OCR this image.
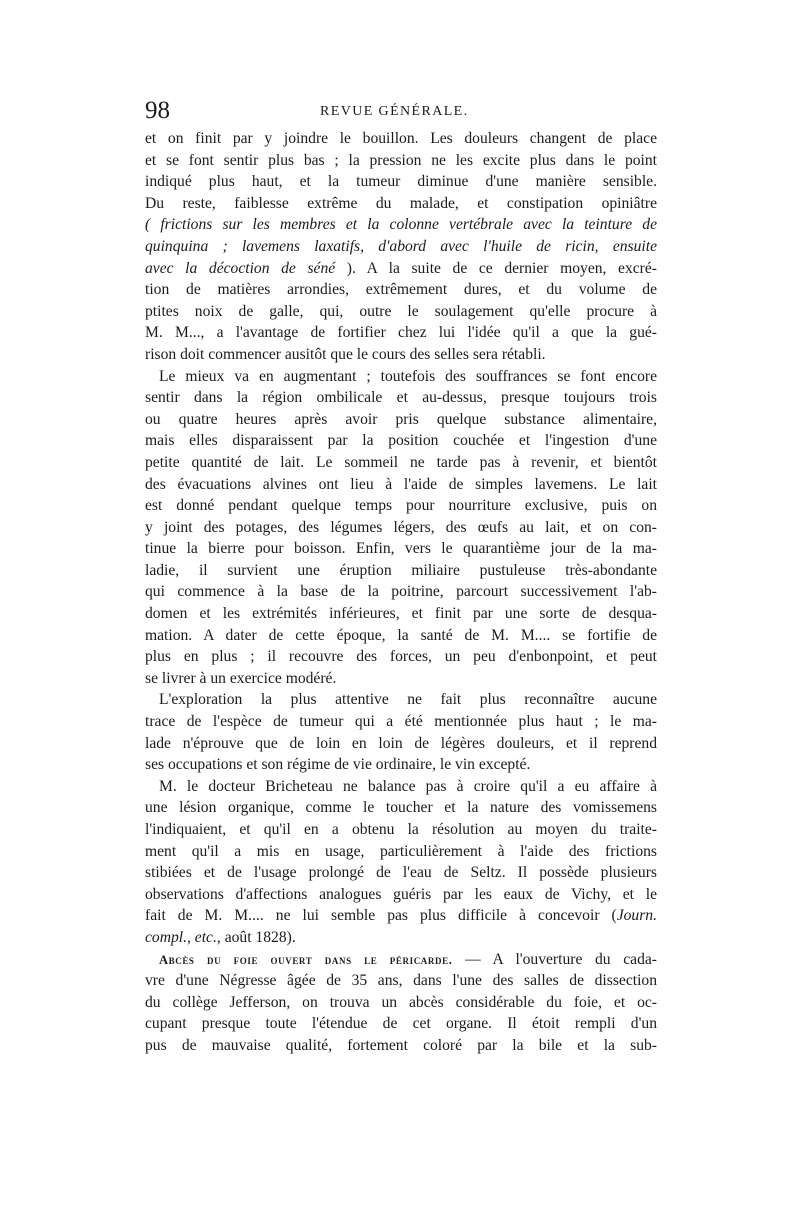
98	REVUE GÉNÉRALE.
et on finit par y joindre le bouillon. Les douleurs changent de place
et se font sentir plus bas ; la pression ne les excite plus dans le point
indiqué plus haut, et la tumeur diminue d'une manière sensible.
Du reste, faiblesse extrême du malade, et constipation opiniâtre
( frictions sur les membres et la colonne vertébrale avec la teinture de
quinquina ; lavemens laxatifs, d'abord avec l'huile de ricin, ensuite
avec la décoction de séné ). A la suite de ce dernier moyen, excré-
tion de matières arrondies, extrêmement dures, et du volume de
ptites noix de galle, qui, outre le soulagement qu'elle procure à
M. M..., a l'avantage de fortifier chez lui l'idée qu'il a que la gué-
rison doit commencer ausitôt que le cours des selles sera rétabli.
Le mieux va en augmentant ; toutefois des souffrances se font encore
sentir dans la région ombilicale et au-dessus, presque toujours trois
ou quatre heures après avoir pris quelque substance alimentaire,
mais elles disparaissent par la position couchée et l'ingestion d'une
petite quantité de lait. Le sommeil ne tarde pas à revenir, et bientôt
des évacuations alvines ont lieu à l'aide de simples lavemens. Le lait
est donné pendant quelque temps pour nourriture exclusive, puis on
y joint des potages, des légumes légers, des œufs au lait, et on con-
tinue la bierre pour boisson. Enfin, vers le quarantième jour de la ma-
ladie, il survient une éruption miliaire pustuleuse très-abondante
qui commence à la base de la poitrine, parcourt successivement l'ab-
domen et les extrémités inférieures, et finit par une sorte de desqua-
mation. A dater de cette époque, la santé de M. M.... se fortifie de
plus en plus ; il recouvre des forces, un peu d'enbonpoint, et peut
se livrer à un exercice modéré.
L'exploration la plus attentive ne fait plus reconnaître aucune
trace de l'espèce de tumeur qui a été mentionnée plus haut ; le ma-
lade n'éprouve que de loin en loin de légères douleurs, et il reprend
ses occupations et son régime de vie ordinaire, le vin excepté.
M. le docteur Bricheteau ne balance pas à croire qu'il a eu affaire à
une lésion organique, comme le toucher et la nature des vomissemens
l'indiquaient, et qu'il en a obtenu la résolution au moyen du traite-
ment qu'il a mis en usage, particulièrement à l'aide des frictions
stibiées et de l'usage prolongé de l'eau de Seltz. Il possède plusieurs
observations d'affections analogues guéris par les eaux de Vichy, et le
fait de M. M.... ne lui semble pas plus difficile à concevoir (Journ.
compl., etc., août 1828).
Abcès du foie ouvert dans le péricarde. — A l'ouverture du cada-
vre d'une Négresse âgée de 35 ans, dans l'une des salles de dissection
du collège Jefferson, on trouva un abcès considérable du foie, et oc-
cupant presque toute l'étendue de cet organe. Il étoit rempli d'un
pus de mauvaise qualité, fortement coloré par la bile et la sub-
